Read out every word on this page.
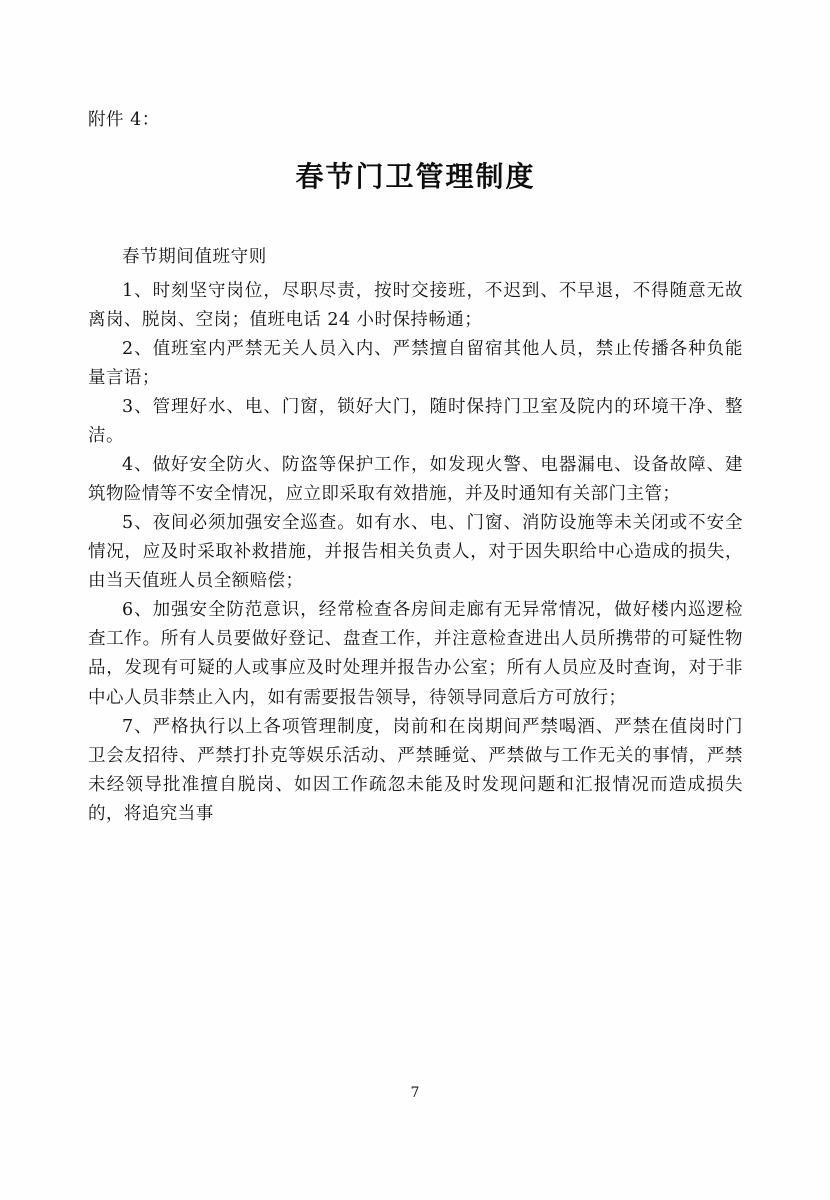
附件 4：

春节门卫管理制度

春节期间值班守则

1、时刻坚守岗位，尽职尽责，按时交接班，不迟到、不早退，不得随意无故离岗、脱岗、空岗；值班电话 24 小时保持畅通；

2、值班室内严禁无关人员入内、严禁擅自留宿其他人员，禁止传播各种负能量言语；

3、管理好水、电、门窗，锁好大门，随时保持门卫室及院内的环境干净、整洁。

4、做好安全防火、防盗等保护工作，如发现火警、电器漏电、设备故障、建筑物险情等不安全情况，应立即采取有效措施，并及时通知有关部门主管；

5、夜间必须加强安全巡查。如有水、电、门窗、消防设施等未关闭或不安全情况，应及时采取补救措施，并报告相关负责人，对于因失职给中心造成的损失，由当天值班人员全额赔偿；

6、加强安全防范意识，经常检查各房间走廊有无异常情况，做好楼内巡逻检查工作。所有人员要做好登记、盘查工作，并注意检查进出人员所携带的可疑性物品，发现有可疑的人或事应及时处理并报告办公室；所有人员应及时查询，对于非中心人员非禁止入内，如有需要报告领导，待领导同意后方可放行；

7、严格执行以上各项管理制度，岗前和在岗期间严禁喝酒、严禁在值岗时门卫会友招待、严禁打扑克等娱乐活动、严禁睡觉、严禁做与工作无关的事情，严禁未经领导批准擅自脱岗、如因工作疏忽未能及时发现问题和汇报情况而造成损失的，将追究当事

7
